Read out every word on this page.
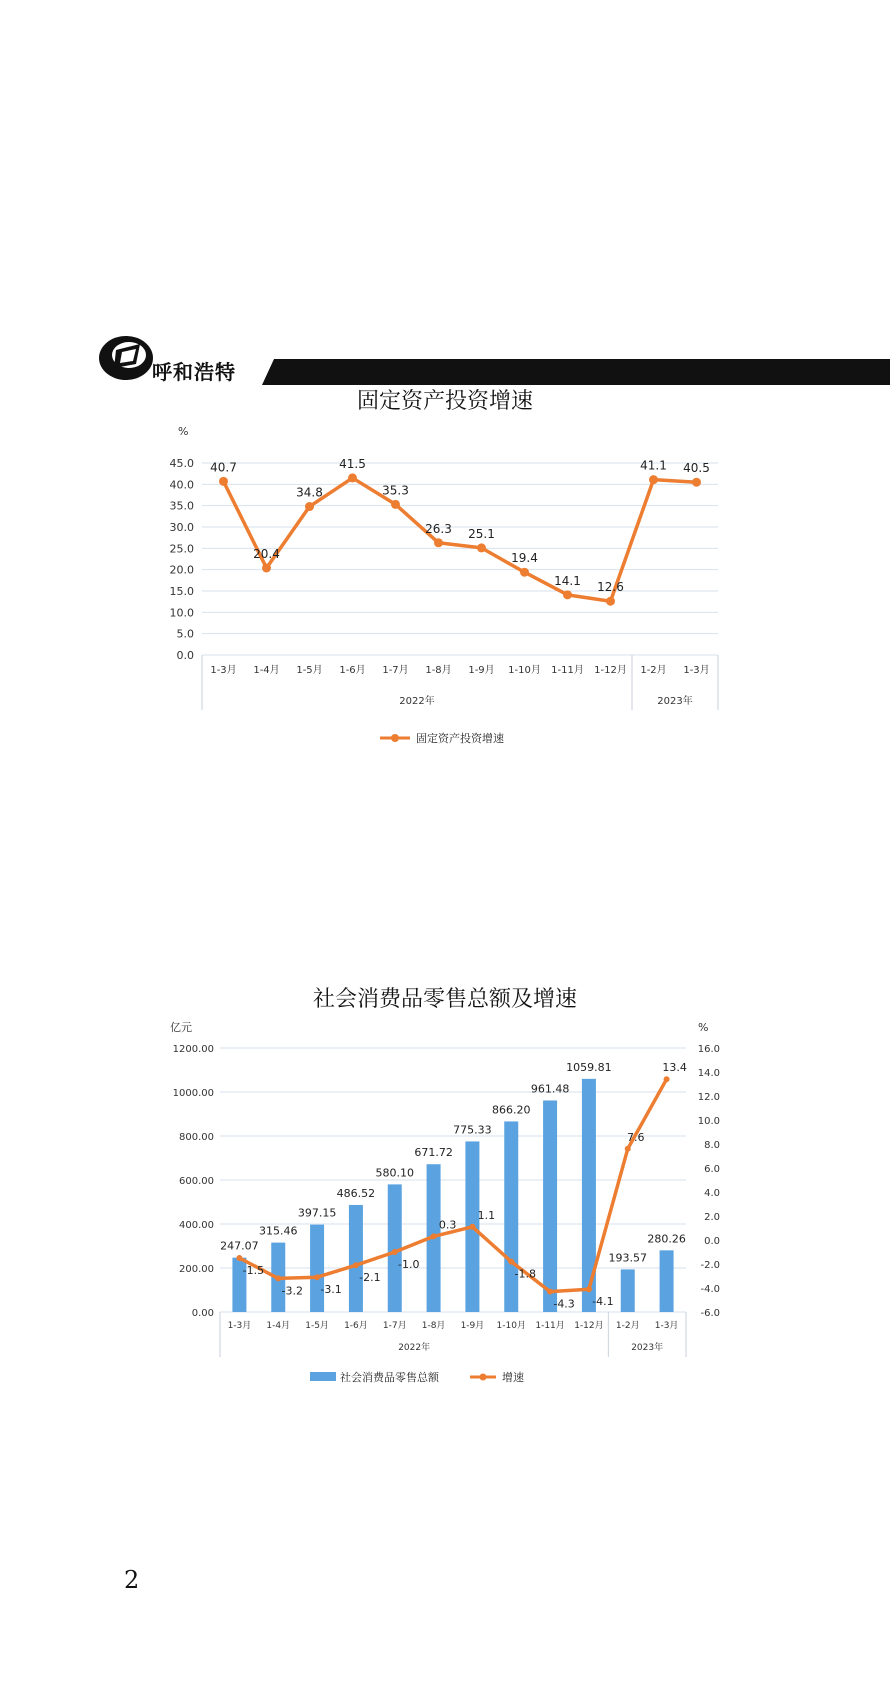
呼和浩特
固定资产投资增速
%
0.0
5.0
10.0
15.0
20.0
25.0
30.0
35.0
40.0
45.0
2022年	2023年
1-3月 1-4月 1-5月 1-6月 1-7月 1-8月 1-9月 1-10月 1-11月 1-12月 1-2月 1-3月
40.7
20.4
34.8
41.5
35.3
26.3 25.1
19.4
14.1 12.6
41.1 40.5
固定资产投资增速
社会消费品零售总额及增速
亿元	%
0.00
200.00
400.00
600.00
800.00
1000.00
1200.00
-6.0
-4.0
-2.0
0.0
2.0
4.0
6.0
8.0
10.0
12.0
14.0
16.0
2022年	2023年
1-3月 1-4月 1-5月 1-6月 1-7月 1-8月 1-9月 1-10月 1-11月 1-12月 1-2月 1-3月
247.07
315.46
397.15
486.52
580.10
671.72
775.33
866.20
961.48
1059.81
193.57
280.26
-1.5
-3.2 -3.1
-2.1
-1.0
0.3
1.1
-1.8
-4.3 -4.1
7.6
13.4
社会消费品零售总额	增速
2
